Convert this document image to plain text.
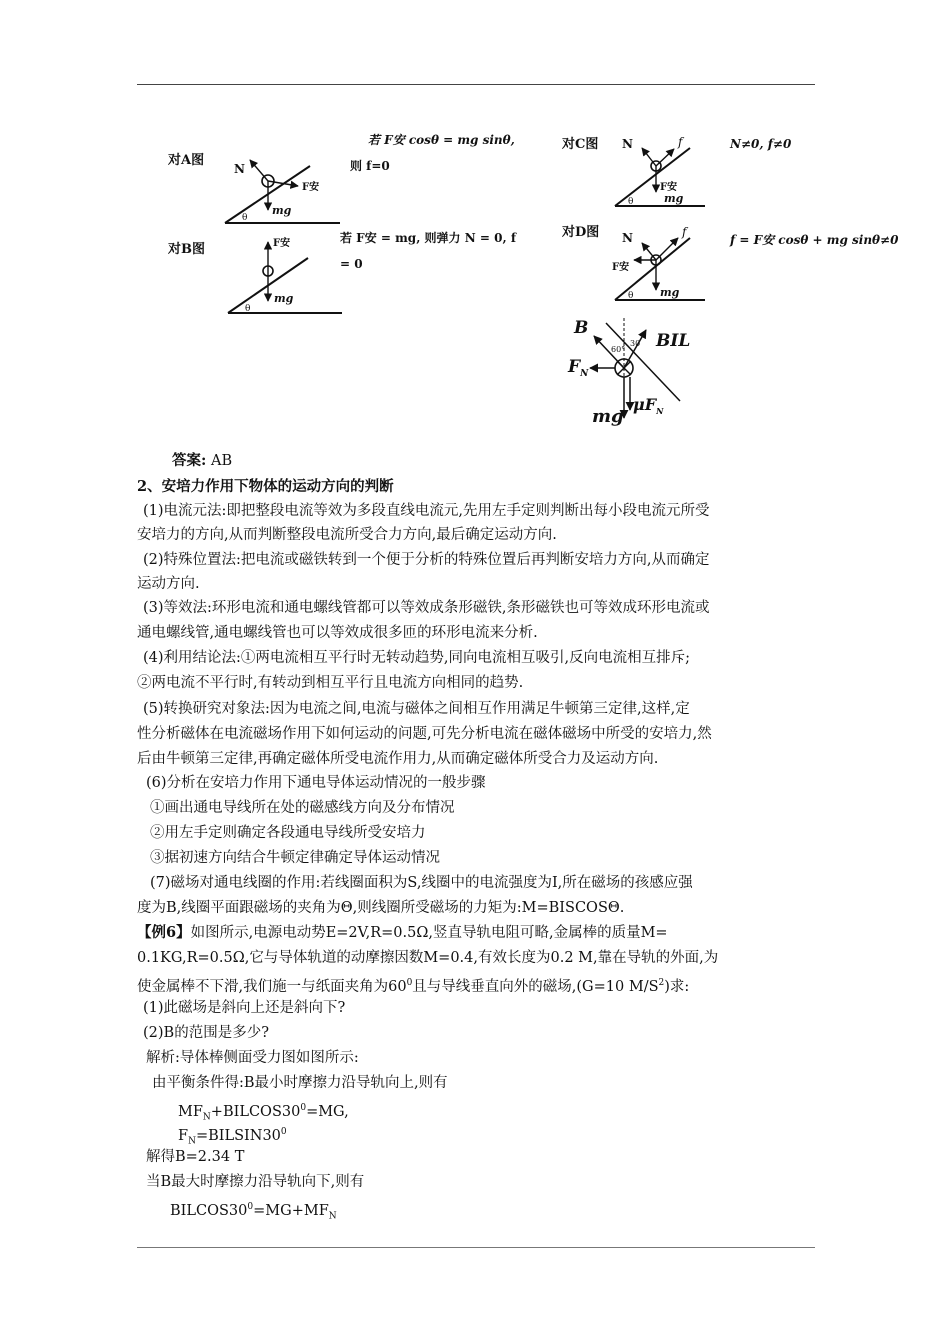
对A图
N
F安
mg
θ
若 F安 cosθ = mg sinθ,
则 f=0
对B图	F安
mg
θ
若 F安 = mg, 则弹力 N = 0, f
= 0
对C图 N	f
F安
mg
θ
N≠0, f≠0
对D图 N	f
F安
mg
θ
f = F安 cosθ + mg sinθ≠0
B
BIL
60°
30
$F_N$
$\mu F_N$
mg
答案: AB
2、安培力作用下物体的运动方向的判断
(1)电流元法:即把整段电流等效为多段直线电流元,先用左手定则判断出每小段电流元所受
安培力的方向,从而判断整段电流所受合力方向,最后确定运动方向.
(2)特殊位置法:把电流或磁铁转到一个便于分析的特殊位置后再判断安培力方向,从而确定
运动方向.
(3)等效法:环形电流和通电螺线管都可以等效成条形磁铁,条形磁铁也可等效成环形电流或
通电螺线管,通电螺线管也可以等效成很多匝的环形电流来分析.
(4)利用结论法:①两电流相互平行时无转动趋势,同向电流相互吸引,反向电流相互排斥;
②两电流不平行时,有转动到相互平行且电流方向相同的趋势.
(5)转换研究对象法:因为电流之间,电流与磁体之间相互作用满足牛顿第三定律,这样,定
性分析磁体在电流磁场作用下如何运动的问题,可先分析电流在磁体磁场中所受的安培力,然
后由牛顿第三定律,再确定磁体所受电流作用力,从而确定磁体所受合力及运动方向.
(6)分析在安培力作用下通电导体运动情况的一般步骤
①画出通电导线所在处的磁感线方向及分布情况
②用左手定则确定各段通电导线所受安培力
③据初速方向结合牛顿定律确定导体运动情况
(7)磁场对通电线圈的作用:若线圈面积为S,线圈中的电流强度为I,所在磁场的孩感应强
度为B,线圈平面跟磁场的夹角为Θ,则线圈所受磁场的力矩为:M=BISCOSΘ.
【例6】如图所示,电源电动势E=2V,R=0.5Ω,竖直导轨电阻可略,金属棒的质量M=
0.1KG,R=0.5Ω,它与导体轨道的动摩擦因数M=0.4,有效长度为0.2 M,靠在导轨的外面,为
使金属棒不下滑,我们施一与纸面夹角为$60^0$且与导线垂直向外的磁场,(G=10 $M/S^2$)求:
(1)此磁场是斜向上还是斜向下?
(2)B的范围是多少?
解析:导体棒侧面受力图如图所示:
由平衡条件得:B最小时摩擦力沿导轨向上,则有
$MF_N+BILCOS30^0=MG$,
$F_N=BILSIN30^0$
解得B=2.34 T
当B最大时摩擦力沿导轨向下,则有
$BILCOS30^0=MG+MF_N$
